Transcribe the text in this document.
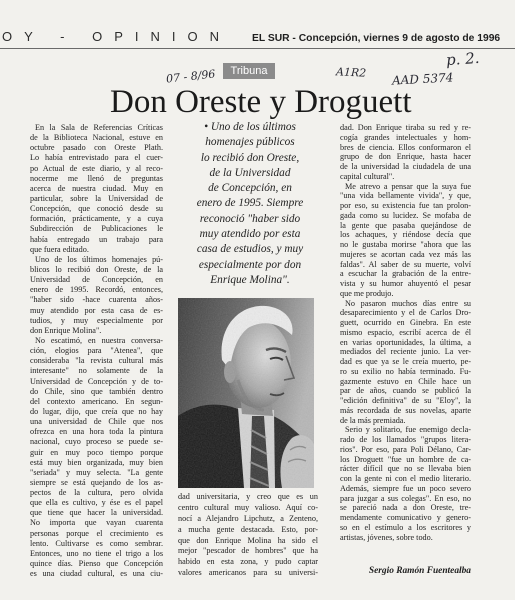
OY - OPINION EL SUR - Concepción, viernes 9 de agosto de 1996
p. 2.
07 - 8/96	A1R2 AAD 5374
Tribuna
Don Oreste y Droguett
En la Sala de Referencias Críticas
de la Biblioteca Nacional, estuve en
octubre pasado con Oreste Plath.
Lo había entrevistado para el cuer-
po Actual de este diario, y al reco-
nocerme me llenó de preguntas
acerca de nuestra ciudad. Muy en
particular, sobre la Universidad de
Concepción, que conoció desde su
formación, prácticamente, y a cuya
Subdirección de Publicaciones le
había entregado un trabajo para
que fuera editado.
Uno de los últimos homenajes pú-
blicos lo recibió don Oreste, de la
Universidad de Concepción, en
enero de 1995. Recordó, entonces,
"haber sido -hace cuarenta años-
muy atendido por esta casa de es-
tudios, y muy especialmente por
don Enrique Molina".
No escatimó, en nuestra conversa-
ción, elogios para "Atenea", que
consideraba "la revista cultural más
interesante" no solamente de la
Universidad de Concepción y de to-
do Chile, sino que también dentro
del contexto americano. En segun-
do lugar, dijo, que creía que no hay
una universidad de Chile que nos
ofrezca en una hora toda la pintura
nacional, cuyo proceso se puede se-
guir en muy poco tiempo porque
está muy bien organizada, muy bien
"seriada" y muy selecta. "La gente
siempre se está quejando de los as-
pectos de la cultura, pero olvida
que ella es cultivo, y ése es el papel
que tiene que hacer la universidad.
No importa que vayan cuarenta
personas porque el crecimiento es
lento. Cultivarse es como sembrar.
Entonces, uno no tiene el trigo a los
quince días. Pienso que Concepción
es una ciudad cultural, es una ciu-
• Uno de los últimos
homenajes públicos
lo recibió don Oreste,
de la Universidad
de Concepción, en
enero de 1995. Siempre
reconoció "haber sido
muy atendido por esta
casa de estudios, y muy
especialmente por don
Enrique Molina".
dad universitaria, y creo que es un
centro cultural muy valioso. Aquí co-
nocí a Alejandro Lipchutz, a Zenteno,
a mucha gente destacada. Esto, por-
que don Enrique Molina ha sido el
mejor "pescador de hombres" que ha
habido en esta zona, y pudo captar
valores americanos para su universi-
dad. Don Enrique tiraba su red y re-
cogía grandes intelectuales y hom-
bres de ciencia. Ellos conformaron el
grupo de don Enrique, hasta hacer
de la universidad la ciudadela de una
capital cultural".
Me atrevo a pensar que la suya fue
"una vida bellamente vivida", y que,
por eso, su existencia fue tan prolon-
gada como su lucidez. Se mofaba de
la gente que pasaba quejándose de
los achaques, y riéndose decía que
no le gustaba morirse "ahora que las
mujeres se acortan cada vez más las
faldas". Al saber de su muerte, volví
a escuchar la grabación de la entre-
vista y su humor ahuyentó el pesar
que me produjo.
No pasaron muchos días entre su
desaparecimiento y el de Carlos Dro-
guett, ocurrido en Ginebra. En este
mismo espacio, escribí acerca de él
en varias oportunidades, la última, a
mediados del reciente junio. La ver-
dad es que ya se le creía muerto, pe-
ro su exilio no había terminado. Fu-
gazmente estuvo en Chile hace un
par de años, cuando se publicó la
"edición definitiva" de su "Eloy", la
más recordada de sus novelas, aparte
de la más premiada.
Serio y solitario, fue enemigo decla-
rado de los llamados "grupos litera-
rios". Por eso, para Poli Délano, Car-
los Droguett "fue un hombre de ca-
rácter difícil que no se llevaba bien
con la gente ni con el medio literario.
Además, siempre fue un poco severo
para juzgar a sus colegas". En eso, no
se pareció nada a don Oreste, tre-
mendamente comunicativo y genero-
so en el estímulo a los escritores y
artistas, jóvenes, sobre todo.
Sergio Ramón Fuentealba
